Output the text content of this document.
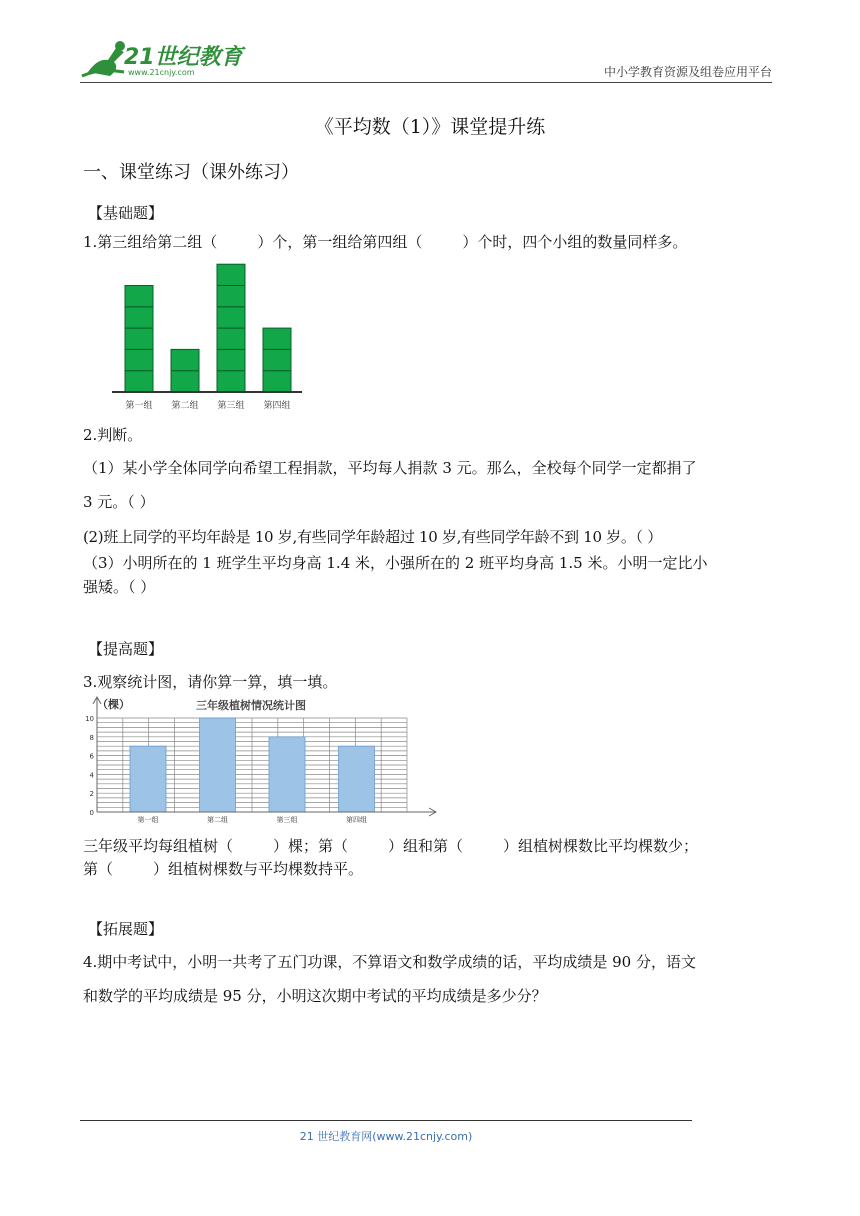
21世纪教育
www.21cnjy.com	中小学教育资源及组卷应用平台
《平均数（1）》课堂提升练
一、课堂练习（课外练习）
【基础题】
1.第三组给第二组（	）个，第一组给第四组（	）个时，四个小组的数量同样多。
第一组 第二组 第三组 第四组
2.判断。
（1）某小学全体同学向希望工程捐款，平均每人捐款 3 元。那么，全校每个同学一定都捐了
3 元。（ ）
(2)班上同学的平均年龄是 10 岁,有些同学年龄超过 10 岁,有些同学年龄不到 10 岁。（ ）
（3）小明所在的 1 班学生平均身高 1.4 米，小强所在的 2 班平均身高 1.5 米。小明一定比小
强矮。（ ）
【提高题】
3.观察统计图，请你算一算，填一填。
（棵）	三年级植树情况统计图
0
2
4
6
8
10
第一组	第二组	第三组	第四组
三年级平均每组植树（	）棵；第（	）组和第（	）组植树棵数比平均棵数少；
第（	）组植树棵数与平均棵数持平。
【拓展题】
4.期中考试中，小明一共考了五门功课，不算语文和数学成绩的话，平均成绩是 90 分，语文
和数学的平均成绩是 95 分，小明这次期中考试的平均成绩是多少分？
21 世纪教育网(www.21cnjy.com)
